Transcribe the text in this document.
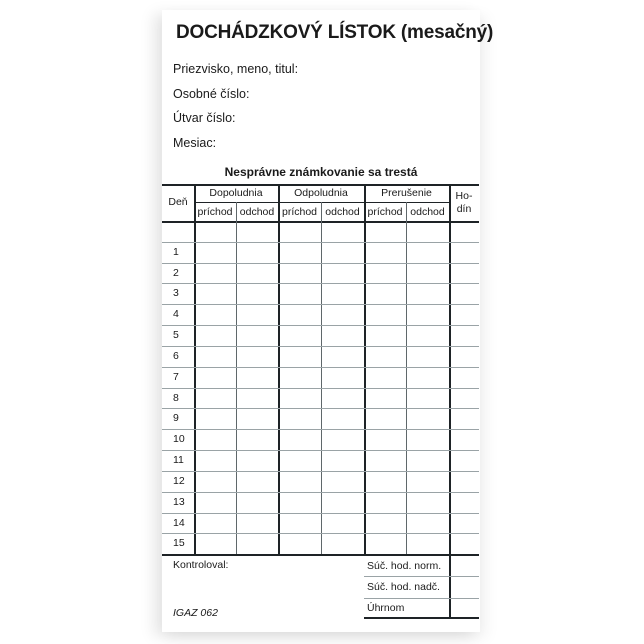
DOCHÁDZKOVÝ LÍSTOK (mesačný)
Priezvisko, meno, titul:
Osobné číslo:
Útvar číslo:
Mesiac:
Nesprávne známkovanie sa trestá
Deň
Dopoludnia	Odpoludnia	Prerušenie
príchod odchod príchod odchod príchod odchod
Ho-
dín
1
2
3
4
5
6
7
8
9
10
11
12
13
14
15
Kontroloval:
IGAZ 062
Súč. hod. norm.
Súč. hod. nadč.
Úhrnom
